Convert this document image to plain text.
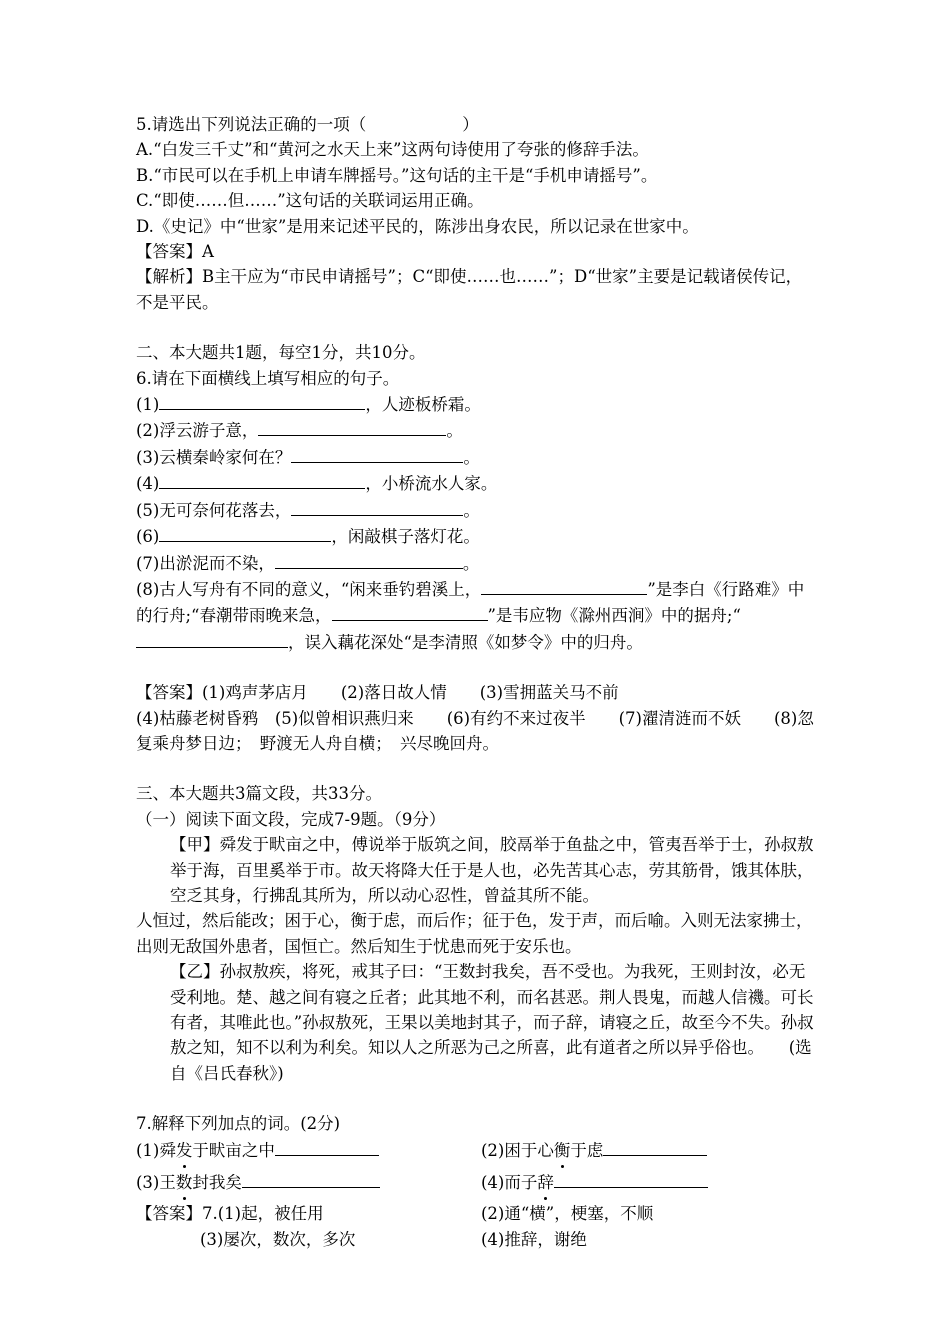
5.请选出下列说法正确的一项（	）
A.“白发三千丈”和“黄河之水天上来”这两句诗使用了夸张的修辞手法。
B.“市民可以在手机上申请车牌摇号。”这句话的主干是“手机申请摇号”。
C.“即使……但……”这句话的关联词运用正确。
D.《史记》中“世家”是用来记述平民的，陈涉出身农民，所以记录在世家中。
【答案】A
【解析】B主干应为“市民申请摇号”；C“即使……也……”；D“世家”主要是记载诸侯传记，不是平民。
二、本大题共1题，每空1分，共10分。
6.请在下面横线上填写相应的句子。
(1)	，人迹板桥霜。
(2)浮云游子意，	。
(3)云横秦岭家何在？	。
(4)	，小桥流水人家。
(5)无可奈何花落去，	。
(6)	，闲敲棋子落灯花。
(7)出淤泥而不染，	。
(8)古人写舟有不同的意义，“闲来垂钓碧溪上，	”是李白《行路难》中的行舟;“春潮带雨晚来急，	”是韦应物《滁州西涧》中的据舟;“，误入藕花深处“是李清照《如梦令》中的归舟。
【答案】(1)鸡声茅店月　　(2)落日故人情　　(3)雪拥蓝关马不前
(4)枯藤老树昏鸦　(5)似曾相识燕归来　　(6)有约不来过夜半　　(7)濯清涟而不妖　　(8)忽复乘舟梦日边；　野渡无人舟自横；　兴尽晚回舟。
三、本大题共3篇文段，共33分。
（一）阅读下面文段，完成7-9题。（9分）
【甲】舜发于畎亩之中，傅说举于版筑之间，胶鬲举于鱼盐之中，管夷吾举于士，孙叔敖举于海，百里奚举于市。故天将降大任于是人也，必先苦其心志，劳其筋骨，饿其体肤，空乏其身，行拂乱其所为，所以动心忍性，曾益其所不能。
人恒过，然后能改；困于心，衡于虑，而后作；征于色，发于声，而后喻。入则无法家拂士，出则无敌国外患者，国恒亡。然后知生于忧患而死于安乐也。
【乙】孙叔敖疾，将死，戒其子曰：“王数封我矣，吾不受也。为我死，王则封汝，必无受利地。楚、越之间有寝之丘者；此其地不利，而名甚恶。荆人畏鬼，而越人信禨。可长有者，其唯此也。”孙叔敖死，王果以美地封其子，而子辞，请寝之丘，故至今不失。孙叔敖之知，知不以利为利矣。知以人之所恶为己之所喜，此有道者之所以异乎俗也。　　(选自《吕氏春秋》)
7.解释下列加点的词。(2分)
(1)舜发于畎亩之中	(2)困于心衡于虑
(3)王数封我矣	(4)而子辞
【答案】7.(1)起，被任用	(2)通“横”，梗塞，不顺
(3)屡次，数次，多次	(4)推辞，谢绝
